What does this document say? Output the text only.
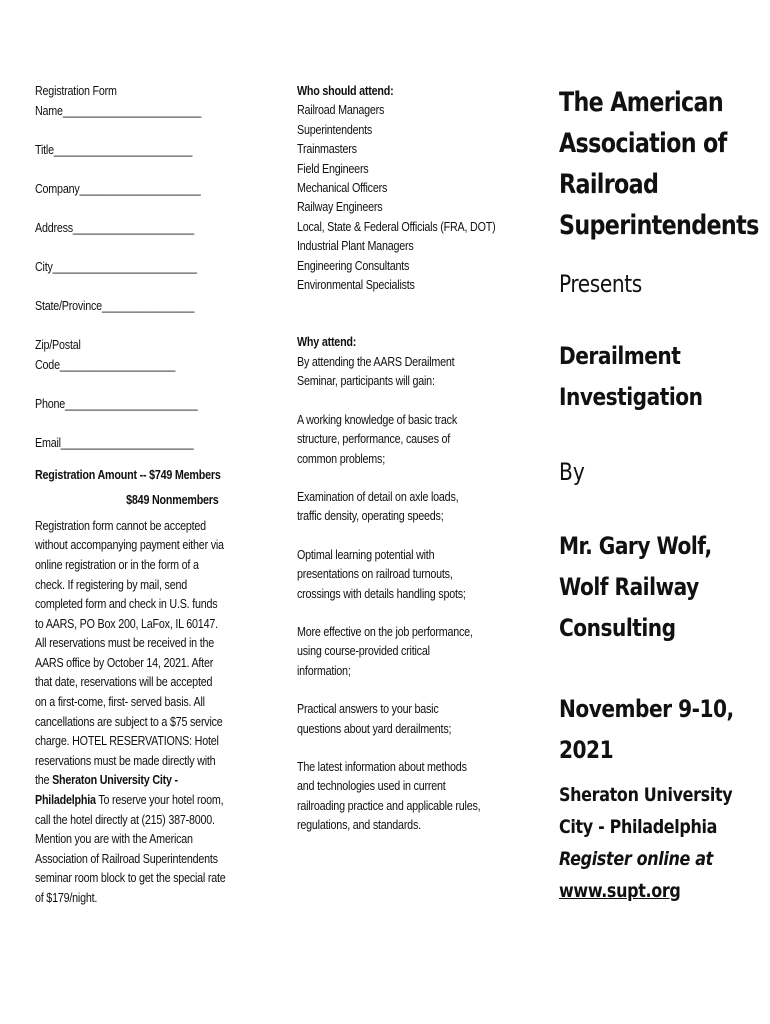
Registration Form
Name________________________
Title________________________
Company_____________________
Address_____________________
City_________________________
State/Province________________
Zip/Postal
Code____________________
Phone_______________________
Email_______________________
Registration Amount -- $749 Members
$849 Nonmembers
Registration form cannot be accepted
without accompanying payment either via
online registration or in the form of a
check. If registering by mail, send
completed form and check in U.S. funds
to AARS, PO Box 200, LaFox, IL 60147.
All reservations must be received in the
AARS office by October 14, 2021. After
that date, reservations will be accepted
on a first-come, first- served basis. All
cancellations are subject to a $75 service
charge. HOTEL RESERVATIONS: Hotel
reservations must be made directly with
the Sheraton University City -
Philadelphia To reserve your hotel room,
call the hotel directly at (215) 387-8000.
Mention you are with the American
Association of Railroad Superintendents
seminar room block to get the special rate
of $179/night.
Who should attend:
Railroad Managers
Superintendents
Trainmasters
Field Engineers
Mechanical Officers
Railway Engineers
Local, State & Federal Officials (FRA, DOT)
Industrial Plant Managers
Engineering Consultants
Environmental Specialists
Why attend:
By attending the AARS Derailment
Seminar, participants will gain:
A working knowledge of basic track
structure, performance, causes of
common problems;
Examination of detail on axle loads,
traffic density, operating speeds;
Optimal learning potential with
presentations on railroad turnouts,
crossings with details handling spots;
More effective on the job performance,
using course-provided critical
information;
Practical answers to your basic
questions about yard derailments;
The latest information about methods
and technologies used in current
railroading practice and applicable rules,
regulations, and standards.
The American
Association of
Railroad
Superintendents
Presents
Derailment
Investigation
By
Mr. Gary Wolf,
Wolf Railway
Consulting
November 9-10,
2021
Sheraton University
City - Philadelphia
Register online at
www.supt.org
